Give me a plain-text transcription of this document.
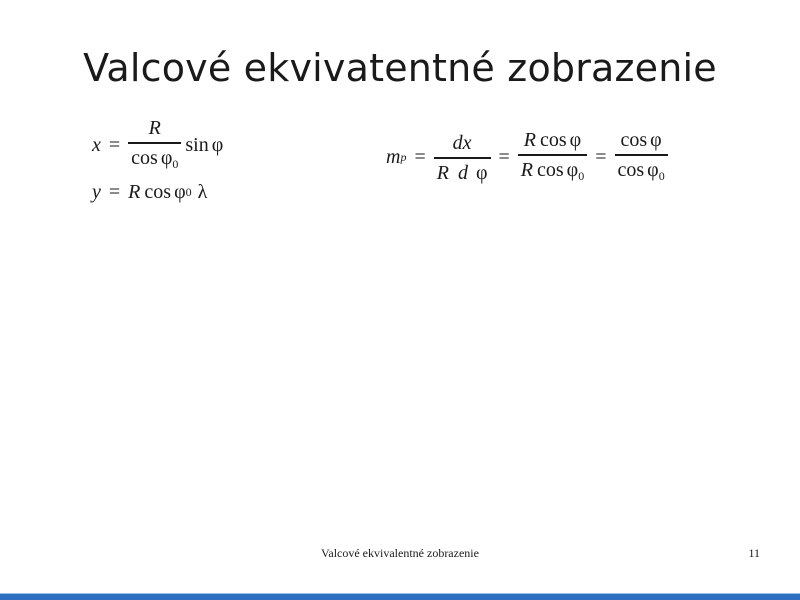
Valcové ekvivatentné zobrazenie
$x = \frac{R}{\cos \varphi_0}$ sin φ
y = R cos φ 0 λ
m $p = \frac{dx}{\text{R d φ}} = \frac{\text{R cos φ}}{R \cos \varphi_0} = \frac{\text{cos φ}}{\cos \varphi_0}$
Valcové ekvivalentné zobrazenie	11
